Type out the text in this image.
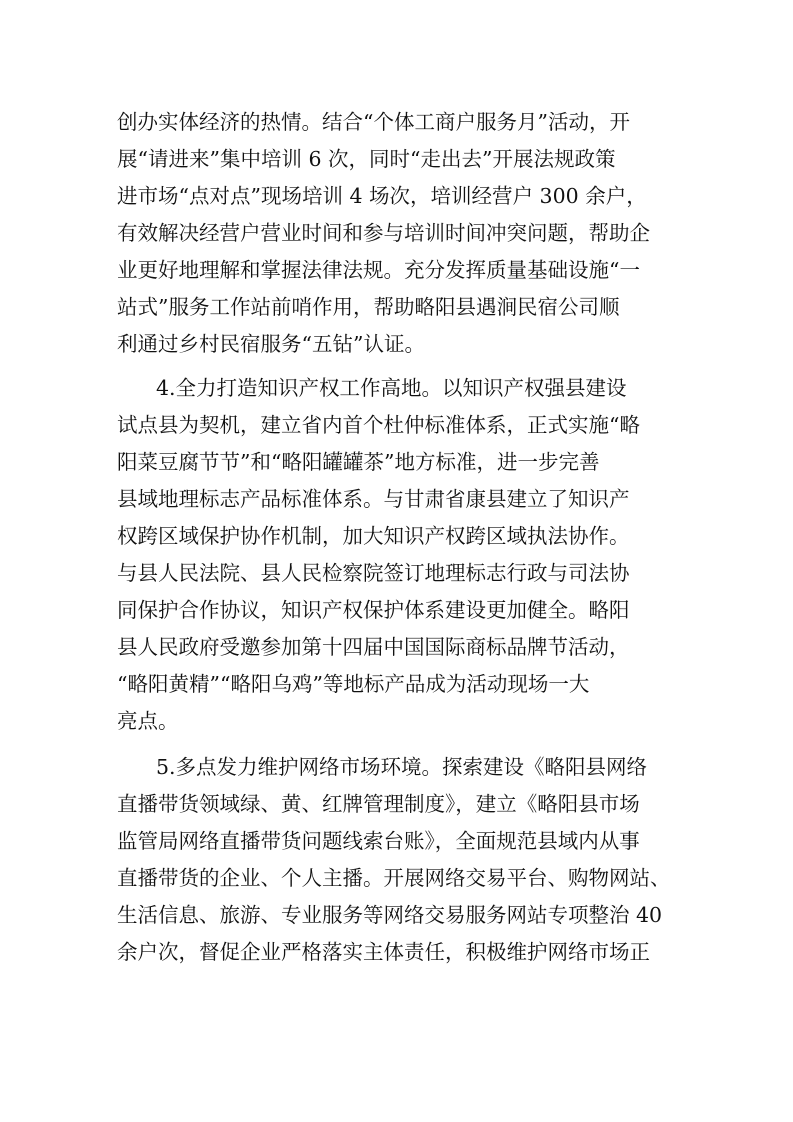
创办实体经济的热情。结合“个体工商户服务月”活动，开
展“请进来”集中培训 6 次，同时“走出去”开展法规政策
进市场“点对点”现场培训 4 场次，培训经营户 300 余户，
有效解决经营户营业时间和参与培训时间冲突问题，帮助企
业更好地理解和掌握法律法规。充分发挥质量基础设施“一
站式”服务工作站前哨作用，帮助略阳县遇涧民宿公司顺
利通过乡村民宿服务“五钻”认证。
4.全力打造知识产权工作高地。以知识产权强县建设
试点县为契机，建立省内首个杜仲标准体系，正式实施“略
阳菜豆腐节节”和“略阳罐罐茶”地方标准，进一步完善
县域地理标志产品标准体系。与甘肃省康县建立了知识产
权跨区域保护协作机制，加大知识产权跨区域执法协作。
与县人民法院、县人民检察院签订地理标志行政与司法协
同保护合作协议，知识产权保护体系建设更加健全。略阳
县人民政府受邀参加第十四届中国国际商标品牌节活动，
“略阳黄精”“略阳乌鸡”等地标产品成为活动现场一大
亮点。
5.多点发力维护网络市场环境。探索建设《略阳县网络
直播带货领域绿、黄、红牌管理制度》，建立《略阳县市场
监管局网络直播带货问题线索台账》，全面规范县域内从事
直播带货的企业、个人主播。开展网络交易平台、购物网站、
生活信息、旅游、专业服务等网络交易服务网站专项整治 40
余户次，督促企业严格落实主体责任，积极维护网络市场正
